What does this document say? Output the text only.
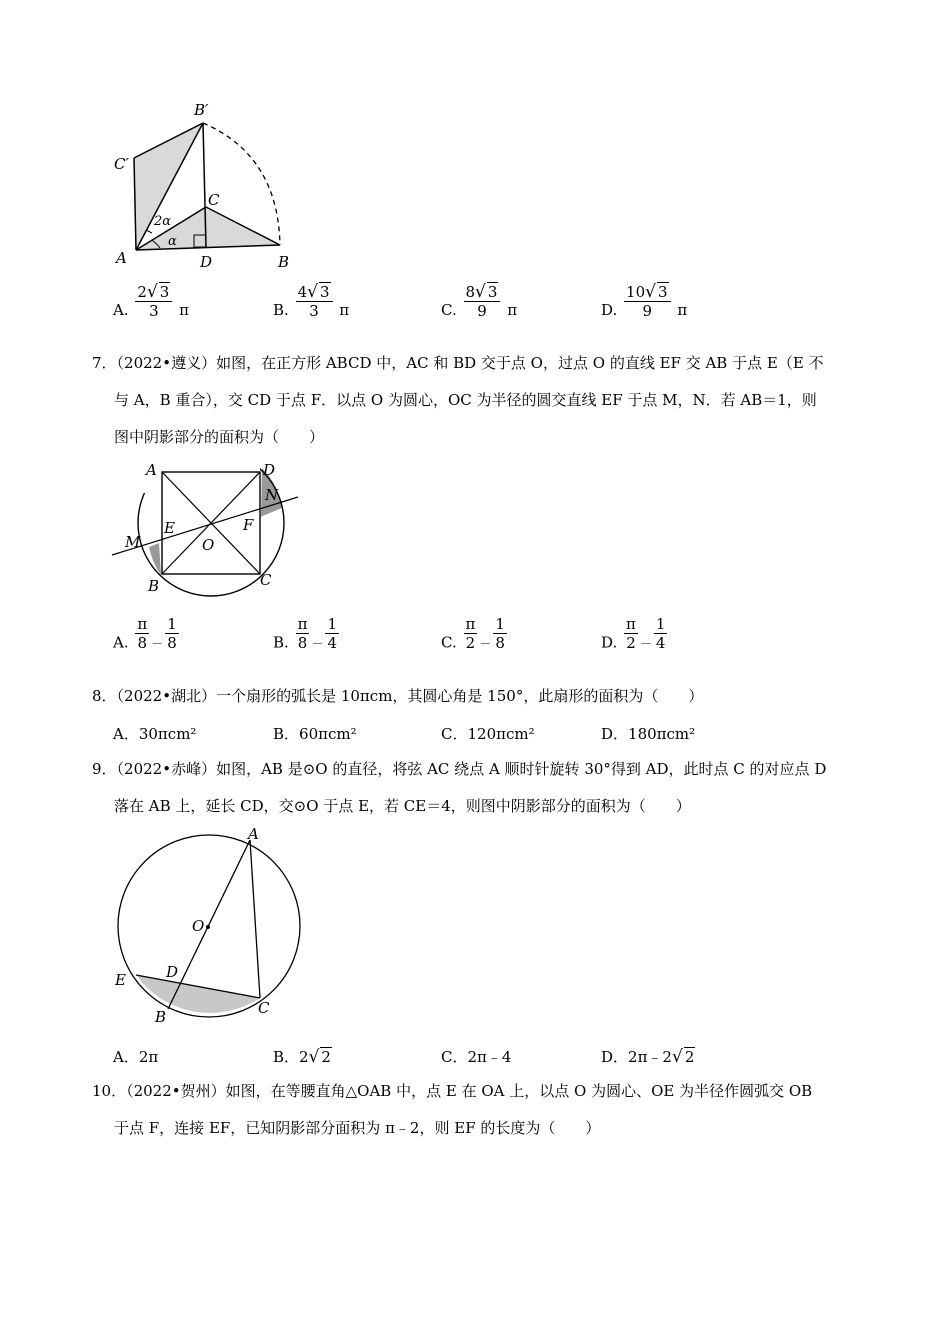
B′
C′
C
2α
α
A	D	B
A. $\frac{2√ 3}{3}$ π	B. $\frac{4√ 3}{3}$ π	C. $\frac{8√ 3}{9}$ π	D. $\frac{10√ 3}{9}$ π
7．（2022•遵义）如图，在正方形 ABCD 中，AC 和 BD 交于点 O，过点 O 的直线 EF 交 AB 于点 E（E 不
与 A，B 重合），交 CD 于点 F．以点 O 为圆心，OC 为半径的圆交直线 EF 于点 M，N．若 AB＝1，则
图中阴影部分的面积为（　　）
A	D
N
M
E
O
F
B	C
A. $\frac{\pi}{8} - \frac{1}{8}$	B. $\frac{\pi}{8} - \frac{1}{4}$	C. $\frac{\pi}{2} - \frac{1}{8}$	D. $\frac{\pi}{2} - \frac{1}{4}$
8．（2022•湖北）一个扇形的弧长是 10πcm，其圆心角是 150°，此扇形的面积为（　　）
A．30πcm²	B．60πcm²	C．120πcm²	D．180πcm²
9．（2022•赤峰）如图，AB 是⊙O 的直径，将弦 AC 绕点 A 顺时针旋转 30°得到 AD，此时点 C 的对应点 D
落在 AB 上，延长 CD，交⊙O 于点 E，若 CE＝4，则图中阴影部分的面积为（　　）
A
O
E	D
B	C
A．2π	B．2√ 2	C．2π﹣4	D．2π﹣2√ 2
10．（2022•贺州）如图，在等腰直角△OAB 中，点 E 在 OA 上，以点 O 为圆心、OE 为半径作圆弧交 OB
于点 F，连接 EF，已知阴影部分面积为 π﹣2，则 EF 的长度为（　　）
